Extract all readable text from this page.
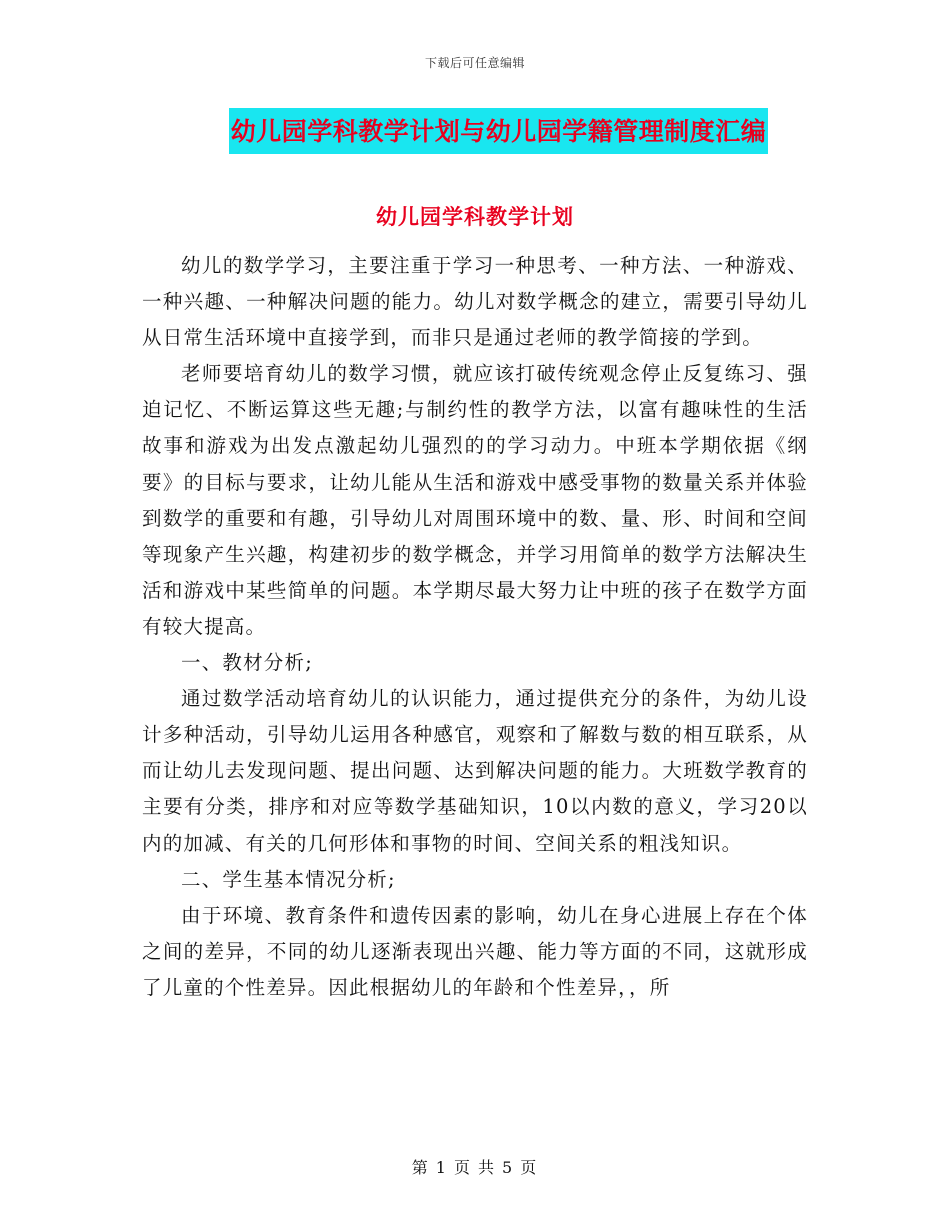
下载后可任意编辑
幼儿园学科教学计划与幼儿园学籍管理制度汇编
幼儿园学科教学计划

幼儿的数学学习，主要注重于学习一种思考、一种方法、一种游戏、一种兴趣、一种解决问题的能力。幼儿对数学概念的建立，需要引导幼儿从日常生活环境中直接学到，而非只是通过老师的教学简接的学到。

老师要培育幼儿的数学习惯，就应该打破传统观念停止反复练习、强迫记忆、不断运算这些无趣;与制约性的教学方法，以富有趣味性的生活故事和游戏为出发点激起幼儿强烈的的学习动力。中班本学期依据《纲要》的目标与要求，让幼儿能从生活和游戏中感受事物的数量关系并体验到数学的重要和有趣，引导幼儿对周围环境中的数、量、形、时间和空间等现象产生兴趣，构建初步的数学概念，并学习用简单的数学方法解决生活和游戏中某些简单的问题。本学期尽最大努力让中班的孩子在数学方面有较大提高。

一、教材分析;

通过数学活动培育幼儿的认识能力，通过提供充分的条件，为幼儿设计多种活动，引导幼儿运用各种感官，观察和了解数与数的相互联系，从而让幼儿去发现问题、提出问题、达到解决问题的能力。大班数学教育的主要有分类，排序和对应等数学基础知识，10以内数的意义，学习20以内的加减、有关的几何形体和事物的时间、空间关系的粗浅知识。

二、学生基本情况分析;

由于环境、教育条件和遗传因素的影响，幼儿在身心进展上存在个体之间的差异，不同的幼儿逐渐表现出兴趣、能力等方面的不同，这就形成了儿童的个性差异。因此根据幼儿的年龄和个性差异，，所

第 1 页 共 5 页
